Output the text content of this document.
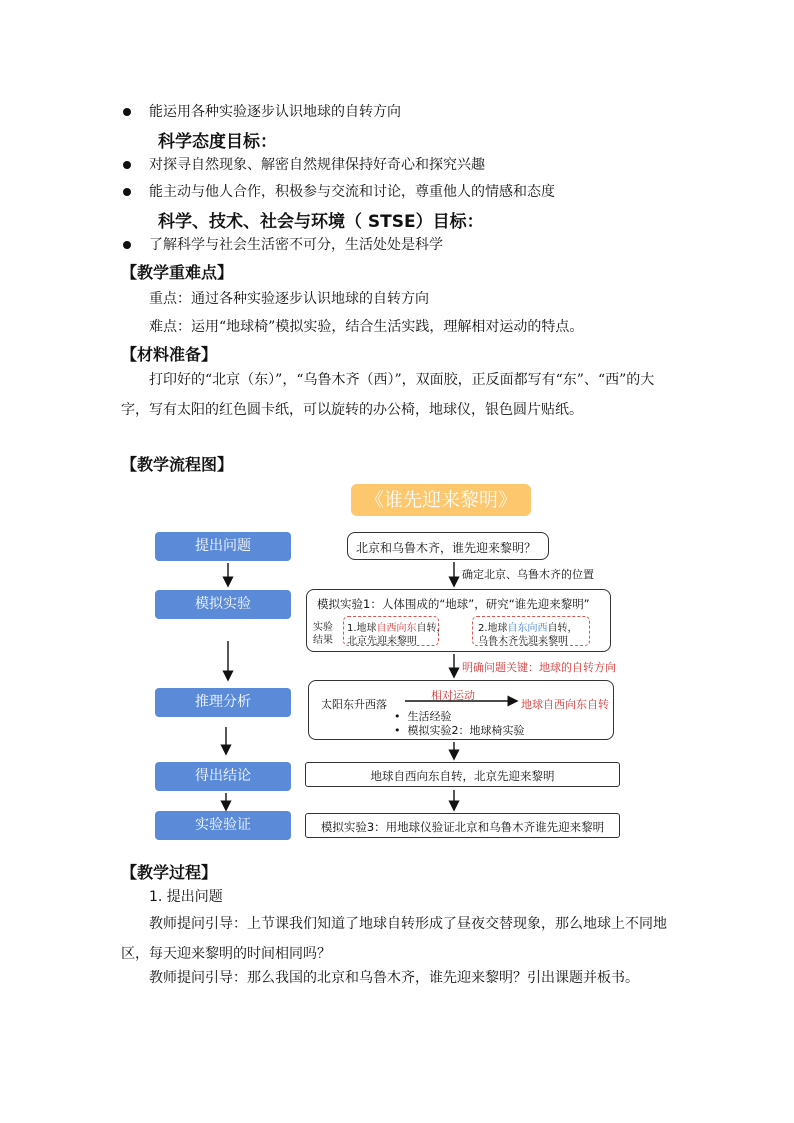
能运用各种实验逐步认识地球的自转方向
科学态度目标：
对探寻自然现象、解密自然规律保持好奇心和探究兴趣
能主动与他人合作，积极参与交流和讨论，尊重他人的情感和态度
科学、技术、社会与环境（ STSE）目标：
了解科学与社会生活密不可分，生活处处是科学
【教学重难点】
重点：通过各种实验逐步认识地球的自转方向
难点：运用“地球椅”模拟实验，结合生活实践，理解相对运动的特点。
【材料准备】
打印好的“北京（东）”，“乌鲁木齐（西）”，双面胶，正反面都写有“东”、“西”的大字，写有太阳的红色圆卡纸，可以旋转的办公椅，地球仪，银色圆片贴纸。
【教学流程图】
《谁先迎来黎明》
提出问题
模拟实验
推理分析
得出结论
实验验证
北京和乌鲁木齐，谁先迎来黎明？
确定北京、乌鲁木齐的位置
模拟实验1：人体围成的“地球”，研究“谁先迎来黎明”
实验
结果
1.地球自西向东自转，
北京先迎来黎明
2.地球自东向西自转，
乌鲁木齐先迎来黎明
明确问题关键：地球的自转方向
太阳东升西落
相对运动
地球自西向东自转
•  生活经验
•  模拟实验2：地球椅实验
地球自西向东自转，北京先迎来黎明
模拟实验3：用地球仪验证北京和乌鲁木齐谁先迎来黎明
【教学过程】
1. 提出问题
教师提问引导：上节课我们知道了地球自转形成了昼夜交替现象，那么地球上不同地区，每天迎来黎明的时间相同吗？
教师提问引导：那么我国的北京和乌鲁木齐，谁先迎来黎明？引出课题并板书。
